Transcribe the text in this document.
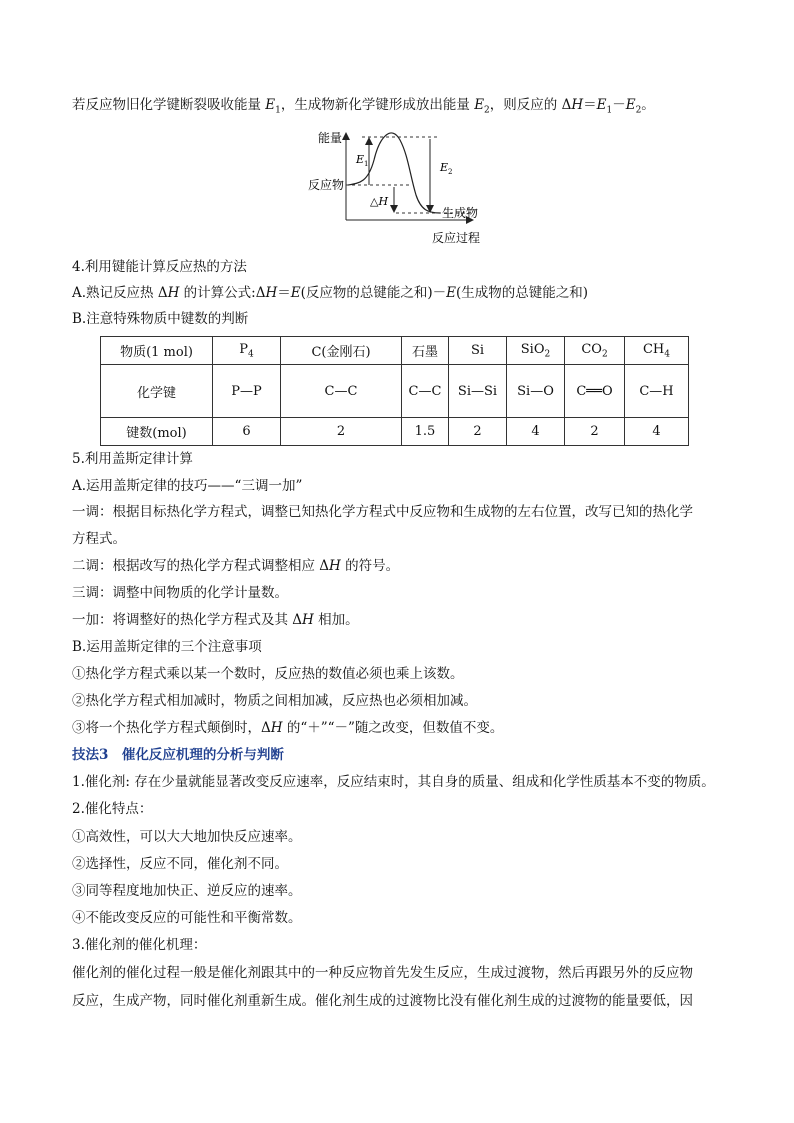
若反应物旧化学键断裂吸收能量 $E_1$，生成物新化学键形成放出能量 $E_2$，则反应的 $\Delta H=E_1-E_2$。
能量
反应过程
$E_1$	$E_2$
△H
反应物
生成物
4.利用键能计算反应热的方法
A.熟记反应热 ΔH 的计算公式:ΔH＝E(反应物的总键能之和)－E(生成物的总键能之和)
B.注意特殊物质中键数的判断
物质(1 mol)	$P_4$	C(金刚石)	石墨	Si	SiO$_2$	$CO_2$	$CH_4$
化学键	P—P	C—C	C—C	Si—Si	Si—O	C══O	C—H
键数(mol)	6	2	1.5	2	4	2	4
5.利用盖斯定律计算
A.运用盖斯定律的技巧——“三调一加”
一调：根据目标热化学方程式，调整已知热化学方程式中反应物和生成物的左右位置，改写已知的热化学
方程式。
二调：根据改写的热化学方程式调整相应 ΔH 的符号。
三调：调整中间物质的化学计量数。
一加：将调整好的热化学方程式及其 ΔH 相加。
B.运用盖斯定律的三个注意事项
①热化学方程式乘以某一个数时，反应热的数值必须也乘上该数。
②热化学方程式相加减时，物质之间相加减，反应热也必须相加减。
③将一个热化学方程式颠倒时，ΔH 的“＋”“－”随之改变，但数值不变。
技法3　催化反应机理的分析与判断
1.催化剂: 存在少量就能显著改变反应速率，反应结束时，其自身的质量、组成和化学性质基本不变的物质。
2.催化特点：
①高效性，可以大大地加快反应速率。
②选择性，反应不同，催化剂不同。
③同等程度地加快正、逆反应的速率。
④不能改变反应的可能性和平衡常数。
3.催化剂的催化机理：
催化剂的催化过程一般是催化剂跟其中的一种反应物首先发生反应，生成过渡物，然后再跟另外的反应物
反应，生成产物，同时催化剂重新生成。催化剂生成的过渡物比没有催化剂生成的过渡物的能量要低，因
